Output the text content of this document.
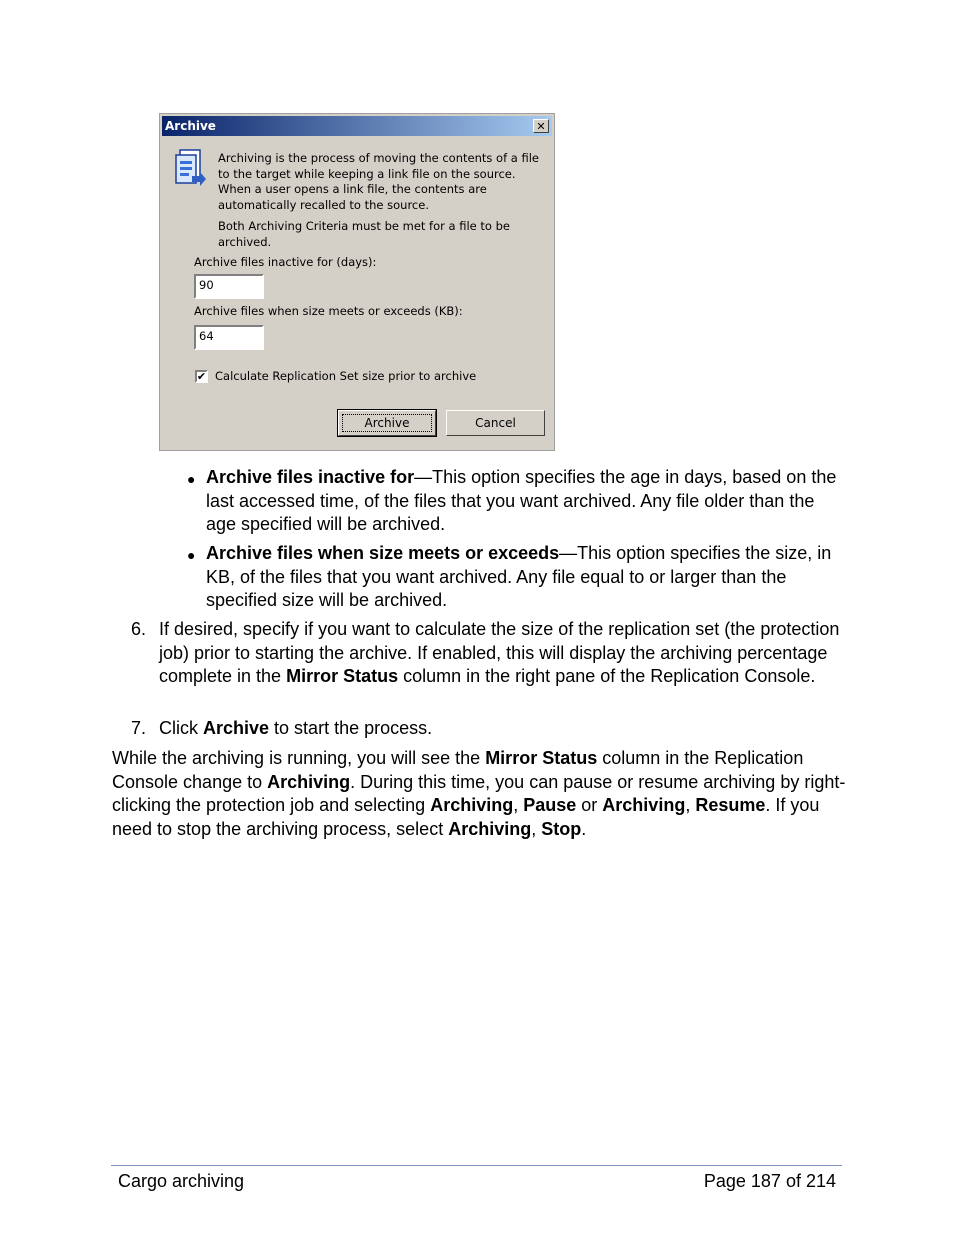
Archive	✕
Archiving is the process of moving the contents of a file to the target while keeping a link file on the source. When a user opens a link file, the contents are automatically recalled to the source.
Both Archiving Criteria must be met for a file to be archived.
Archive files inactive for (days):
90
Archive files when size meets or exceeds (KB):
64
✔ Calculate Replication Set size prior to archive
Archive	Cancel
● Archive files inactive for—This option specifies the age in days, based on the last accessed time, of the files that you want archived. Any file older than the age specified will be archived.
● Archive files when size meets or exceeds—This option specifies the size, in KB, of the files that you want archived. Any file equal to or larger than the specified size will be archived.
6. If desired, specify if you want to calculate the size of the replication set (the protection job) prior to starting the archive. If enabled, this will display the archiving percentage complete in the Mirror Status column in the right pane of the Replication Console.
7. Click Archive to start the process.
While the archiving is running, you will see the Mirror Status column in the Replication Console change to Archiving. During this time, you can pause or resume archiving by right-clicking the protection job and selecting Archiving, Pause or Archiving, Resume. If you need to stop the archiving process, select Archiving, Stop.
Cargo archiving	Page 187 of 214
